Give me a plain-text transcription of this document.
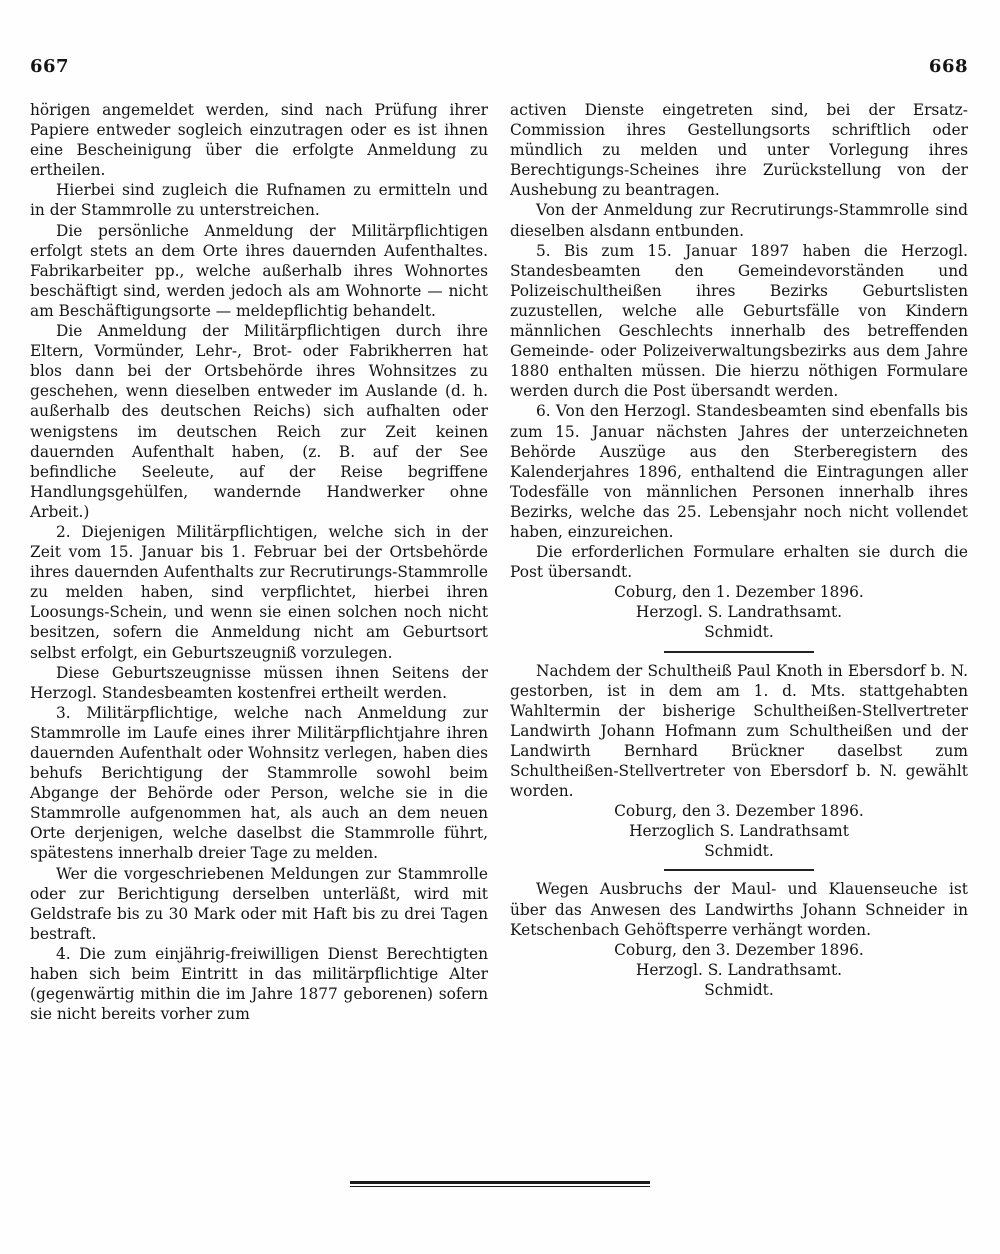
667	668

hörigen angemeldet werden, sind nach Prüfung ihrer Papiere entweder sogleich einzutragen oder es ist ihnen eine Bescheinigung über die erfolgte Anmeldung zu ertheilen.

Hierbei sind zugleich die Rufnamen zu ermitteln und in der Stammrolle zu unterstreichen.

Die persönliche Anmeldung der Militärpflichtigen erfolgt stets an dem Orte ihres dauernden Aufenthaltes. Fabrikarbeiter pp., welche außerhalb ihres Wohnortes beschäftigt sind, werden jedoch als am Wohnorte — nicht am Beschäftigungsorte — meldepflichtig behandelt.

Die Anmeldung der Militärpflichtigen durch ihre Eltern, Vormünder, Lehr-, Brot- oder Fabrikherren hat blos dann bei der Ortsbehörde ihres Wohnsitzes zu geschehen, wenn dieselben entweder im Auslande (d. h. außerhalb des deutschen Reichs) sich aufhalten oder wenigstens im deutschen Reich zur Zeit keinen dauernden Aufenthalt haben, (z. B. auf der See befindliche Seeleute, auf der Reise begriffene Handlungsgehülfen, wandernde Handwerker ohne Arbeit.)

2. Diejenigen Militärpflichtigen, welche sich in der Zeit vom 15. Januar bis 1. Februar bei der Ortsbehörde ihres dauernden Aufenthalts zur Recrutirungs-Stammrolle zu melden haben, sind verpflichtet, hierbei ihren Loosungs-Schein, und wenn sie einen solchen noch nicht besitzen, sofern die Anmeldung nicht am Geburtsort selbst erfolgt, ein Geburtszeugniß vorzulegen.

Diese Geburtszeugnisse müssen ihnen Seitens der Herzogl. Standesbeamten kostenfrei ertheilt werden.

3. Militärpflichtige, welche nach Anmeldung zur Stammrolle im Laufe eines ihrer Militärpflichtjahre ihren dauernden Aufenthalt oder Wohnsitz verlegen, haben dies behufs Berichtigung der Stammrolle sowohl beim Abgange der Behörde oder Person, welche sie in die Stammrolle aufgenommen hat, als auch an dem neuen Orte derjenigen, welche daselbst die Stammrolle führt, spätestens innerhalb dreier Tage zu melden.

Wer die vorgeschriebenen Meldungen zur Stammrolle oder zur Berichtigung derselben unterläßt, wird mit Geldstrafe bis zu 30 Mark oder mit Haft bis zu drei Tagen bestraft.

4. Die zum einjährig-freiwilligen Dienst Berechtigten haben sich beim Eintritt in das militärpflichtige Alter (gegenwärtig mithin die im Jahre 1877 geborenen) sofern sie nicht bereits vorher zum

activen Dienste eingetreten sind, bei der Ersatz-Commission ihres Gestellungsorts schriftlich oder mündlich zu melden und unter Vorlegung ihres Berechtigungs-Scheines ihre Zurückstellung von der Aushebung zu beantragen.

Von der Anmeldung zur Recrutirungs-Stammrolle sind dieselben alsdann entbunden.

5. Bis zum 15. Januar 1897 haben die Herzogl. Standesbeamten den Gemeindevorständen und Polizeischultheißen ihres Bezirks Geburtslisten zuzustellen, welche alle Geburtsfälle von Kindern männlichen Geschlechts innerhalb des betreffenden Gemeinde- oder Polizeiverwaltungsbezirks aus dem Jahre 1880 enthalten müssen. Die hierzu nöthigen Formulare werden durch die Post übersandt werden.

6. Von den Herzogl. Standesbeamten sind ebenfalls bis zum 15. Januar nächsten Jahres der unterzeichneten Behörde Auszüge aus den Sterberegistern des Kalenderjahres 1896, enthaltend die Eintragungen aller Todesfälle von männlichen Personen innerhalb ihres Bezirks, welche das 25. Lebensjahr noch nicht vollendet haben, einzureichen.

Die erforderlichen Formulare erhalten sie durch die Post übersandt.

Coburg, den 1. Dezember 1896.

Herzogl. S. Landrathsamt.

Schmidt.

Nachdem der Schultheiß Paul Knoth in Ebersdorf b. N. gestorben, ist in dem am 1. d. Mts. stattgehabten Wahltermin der bisherige Schultheißen-Stellvertreter Landwirth Johann Hofmann zum Schultheißen und der Landwirth Bernhard Brückner daselbst zum Schultheißen-Stellvertreter von Ebersdorf b. N. gewählt worden.

Coburg, den 3. Dezember 1896.

Herzoglich S. Landrathsamt

Schmidt.

Wegen Ausbruchs der Maul- und Klauenseuche ist über das Anwesen des Landwirths Johann Schneider in Ketschenbach Gehöftsperre verhängt worden.

Coburg, den 3. Dezember 1896.

Herzogl. S. Landrathsamt.

Schmidt.
